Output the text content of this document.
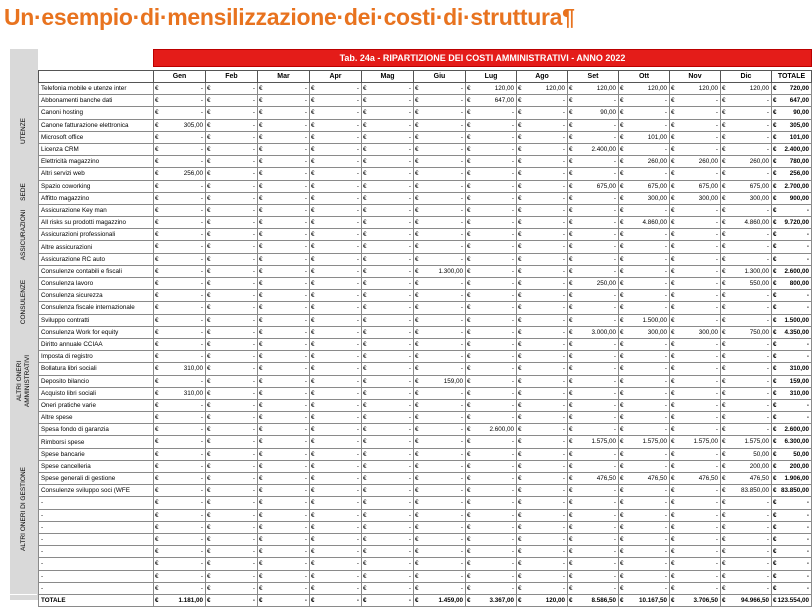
Un·esempio·di·mensilizzazione·dei·costi·di·struttura¶
UTENZE
SEDE
ASSICURAZIONI
CONSULENZE
ALTRI ONERI AMMINISTRATIVI
ALTRI ONERI DI GESTIONE
	Tab. 24a - RIPARTIZIONE DEI COSTI AMMINISTRATIVI - ANNO 2022												

	Gen	Feb	Mar	Apr	Mag	Giu	Lug	Ago	Set	Ott	Nov	Dic	TOTALE
Telefonia mobile e utenze inter	€ -	€ -	€ -	€ -	€ -	€ -	€ 120,00	€ 120,00	€ 120,00	€ 120,00	€ 120,00	€ 120,00	€ 720,00

Abbonamenti banche dati	€ -	€ -	€ -	€ -	€ -	€ -	€ 647,00	€ -	€ -	€ -	€ -	€ -	€ 647,00

Canoni hosting	€ -	€ -	€ -	€ -	€ -	€ -	€ -	€ -	€ 90,00	€ -	€ -	€ -	€ 90,00

Canone fatturazione elettronica	€ 305,00	€ -	€ -	€ -	€ -	€ -	€ -	€ -	€ -	€ -	€ -	€ -	€ 305,00

Microsoft office	€ -	€ -	€ -	€ -	€ -	€ -	€ -	€ -	€ -	€ 101,00	€ -	€ -	€ 101,00

Licenza CRM	€ -	€ -	€ -	€ -	€ -	€ -	€ -	€ -	€ 2.400,00	€ -	€ -	€ -	€ 2.400,00

Elettricità magazzino	€ -	€ -	€ -	€ -	€ -	€ -	€ -	€ -	€ -	€ 260,00	€ 260,00	€ 260,00	€ 780,00

Altri servizi web	€ 256,00	€ -	€ -	€ -	€ -	€ -	€ -	€ -	€ -	€ -	€ -	€ -	€ 256,00

Spazio coworking	€ -	€ -	€ -	€ -	€ -	€ -	€ -	€ -	€ 675,00	€ 675,00	€ 675,00	€ 675,00	€ 2.700,00

Affitto magazzino	€ -	€ -	€ -	€ -	€ -	€ -	€ -	€ -	€ -	€ 300,00	€ 300,00	€ 300,00	€ 900,00

Assicurazione Key man	€ -	€ -	€ -	€ -	€ -	€ -	€ -	€ -	€ -	€ -	€ -	€ -	€ -

All risks su prodotti magazzino	€ -	€ -	€ -	€ -	€ -	€ -	€ -	€ -	€ -	€ 4.860,00	€ -	€ 4.860,00	€ 9.720,00

Assicurazioni professionali	€ -	€ -	€ -	€ -	€ -	€ -	€ -	€ -	€ -	€ -	€ -	€ -	€ -

Altre assicurazioni	€ -	€ -	€ -	€ -	€ -	€ -	€ -	€ -	€ -	€ -	€ -	€ -	€ -

Assicurazione RC auto	€ -	€ -	€ -	€ -	€ -	€ -	€ -	€ -	€ -	€ -	€ -	€ -	€ -

Consulenze contabili e fiscali	€ -	€ -	€ -	€ -	€ -	€ 1.300,00	€ -	€ -	€ -	€ -	€ -	€ 1.300,00	€ 2.600,00

Consulenza lavoro	€ -	€ -	€ -	€ -	€ -	€ -	€ -	€ -	€ 250,00	€ -	€ -	€ 550,00	€ 800,00

Consulenza sicurezza	€ -	€ -	€ -	€ -	€ -	€ -	€ -	€ -	€ -	€ -	€ -	€ -	€ -

Consulenza fiscale internazionale	€ -	€ -	€ -	€ -	€ -	€ -	€ -	€ -	€ -	€ -	€ -	€ -	€ -

Sviluppo contratti	€ -	€ -	€ -	€ -	€ -	€ -	€ -	€ -	€ -	€ 1.500,00	€ -	€ -	€ 1.500,00

Consulenza Work for equity	€ -	€ -	€ -	€ -	€ -	€ -	€ -	€ -	€ 3.000,00	€ 300,00	€ 300,00	€ 750,00	€ 4.350,00

Diritto annuale CCIAA	€ -	€ -	€ -	€ -	€ -	€ -	€ -	€ -	€ -	€ -	€ -	€ -	€ -

Imposta di registro	€ -	€ -	€ -	€ -	€ -	€ -	€ -	€ -	€ -	€ -	€ -	€ -	€ -

Bollatura libri sociali	€ 310,00	€ -	€ -	€ -	€ -	€ -	€ -	€ -	€ -	€ -	€ -	€ -	€ 310,00

Deposito bilancio	€ -	€ -	€ -	€ -	€ -	€ 159,00	€ -	€ -	€ -	€ -	€ -	€ -	€ 159,00

Acquisto libri sociali	€ 310,00	€ -	€ -	€ -	€ -	€ -	€ -	€ -	€ -	€ -	€ -	€ -	€ 310,00

Oneri pratiche varie	€ -	€ -	€ -	€ -	€ -	€ -	€ -	€ -	€ -	€ -	€ -	€ -	€ -

Altre spese	€ -	€ -	€ -	€ -	€ -	€ -	€ -	€ -	€ -	€ -	€ -	€ -	€ -

Spesa fondo di garanzia	€ -	€ -	€ -	€ -	€ -	€ -	€ 2.600,00	€ -	€ -	€ -	€ -	€ -	€ 2.600,00

Rimborsi spese	€ -	€ -	€ -	€ -	€ -	€ -	€ -	€ -	€ 1.575,00	€ 1.575,00	€ 1.575,00	€ 1.575,00	€ 6.300,00

Spese bancarie	€ -	€ -	€ -	€ -	€ -	€ -	€ -	€ -	€ -	€ -	€ -	€ 50,00	€ 50,00

Spese cancelleria	€ -	€ -	€ -	€ -	€ -	€ -	€ -	€ -	€ -	€ -	€ -	€ 200,00	€ 200,00

Spese generali di gestione	€ -	€ -	€ -	€ -	€ -	€ -	€ -	€ -	€ 476,50	€ 476,50	€ 476,50	€ 476,50	€ 1.906,00

Consulenze sviluppo soci (WFE	€ -	€ -	€ -	€ -	€ -	€ -	€ -	€ -	€ -	€ -	€ -	€ 83.850,00	€ 83.850,00

-	€ -	€ -	€ -	€ -	€ -	€ -	€ -	€ -	€ -	€ -	€ -	€ -	€ -

-	€ -	€ -	€ -	€ -	€ -	€ -	€ -	€ -	€ -	€ -	€ -	€ -	€ -

-	€ -	€ -	€ -	€ -	€ -	€ -	€ -	€ -	€ -	€ -	€ -	€ -	€ -

-	€ -	€ -	€ -	€ -	€ -	€ -	€ -	€ -	€ -	€ -	€ -	€ -	€ -

-	€ -	€ -	€ -	€ -	€ -	€ -	€ -	€ -	€ -	€ -	€ -	€ -	€ -

-	€ -	€ -	€ -	€ -	€ -	€ -	€ -	€ -	€ -	€ -	€ -	€ -	€ -

-	€ -	€ -	€ -	€ -	€ -	€ -	€ -	€ -	€ -	€ -	€ -	€ -	€ -

-	€ -	€ -	€ -	€ -	€ -	€ -	€ -	€ -	€ -	€ -	€ -	€ -	€ -

TOTALE	€ 1.181,00	€ -	€ -	€ -	€ -	€ 1.459,00	€ 3.367,00	€ 120,00	€ 8.586,50	€ 10.167,50	€ 3.706,50	€ 94.966,50	€ 123.554,00
